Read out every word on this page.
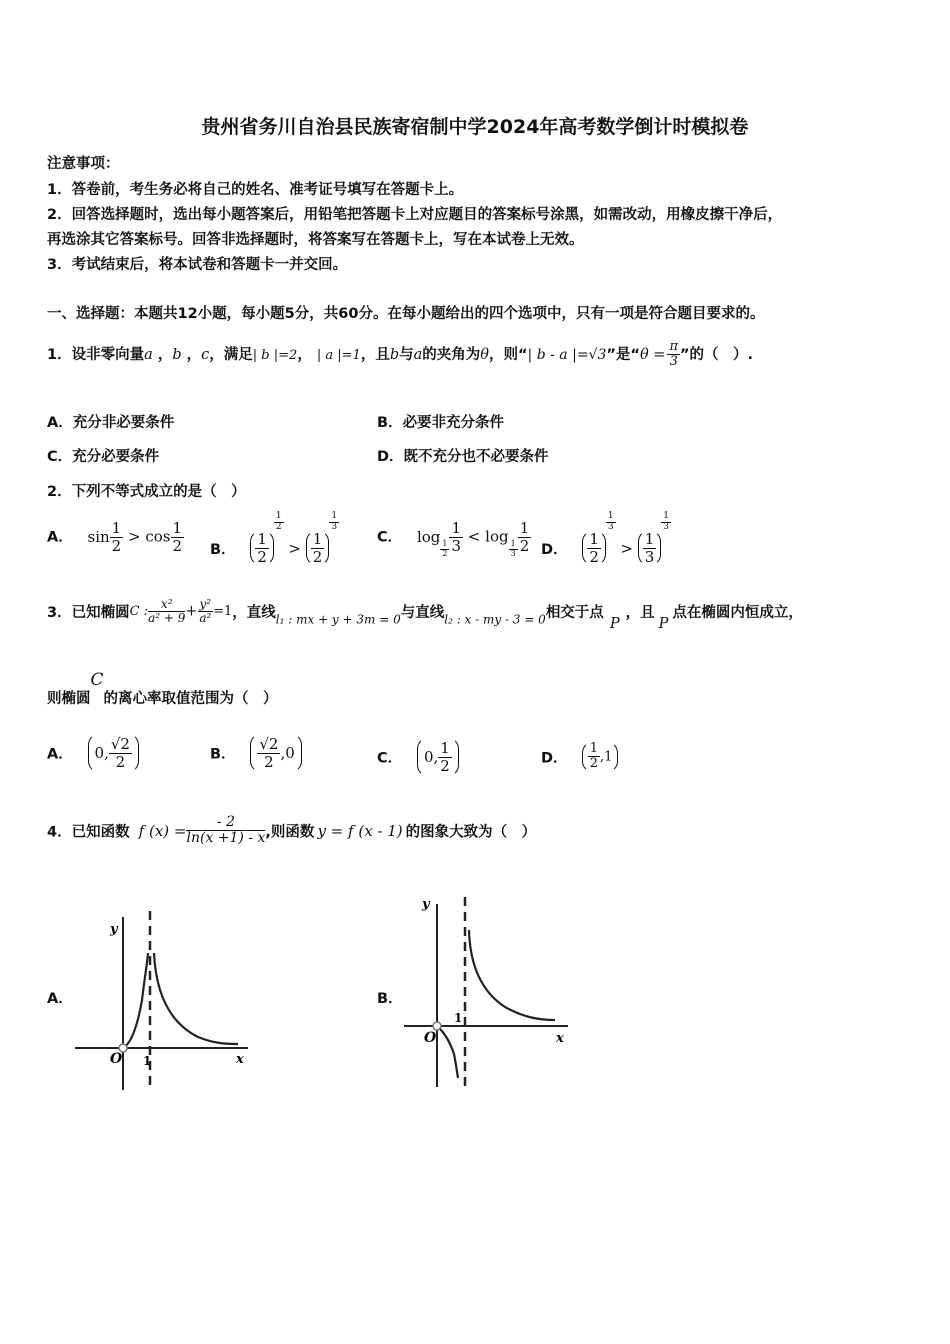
贵州省务川自治县民族寄宿制中学2024年高考数学倒计时模拟卷
注意事项：
1．答卷前，考生务必将自己的姓名、准考证号填写在答题卡上。
2．回答选择题时，选出每小题答案后，用铅笔把答题卡上对应题目的答案标号涂黑，如需改动，用橡皮擦干净后，
再选涂其它答案标号。回答非选择题时，将答案写在答题卡上，写在本试卷上无效。
3．考试结束后，将本试卷和答题卡一并交回。
一、选择题：本题共12小题，每小题5分，共60分。在每小题给出的四个选项中，只有一项是符合题目要求的。
1．设非零向量a ，b ，c，满足| b |=2， | a |=1，且b与a的夹角为θ，则“| b - a |=√3”是“$\theta = \frac{\pi}{3}$ ”的（　）.
A．充分非必要条件	B．必要非充分条件
C．充分必要条件	D．既不充分也不必要条件
2．下列不等式成立的是（　）
A． $\sin \frac{1}{2} > \cos \frac{1}{2}$ B． $\frac{1}{2}$
$^{\frac{1}{2}}$
> $\frac{1}{2}$
$^{\frac{1}{3}}$
C． log
$_{\frac{1}{2}} \frac{1}{3} < \log$
$_{\frac{1}{3}} \frac{1}{2}$ D． $\frac{1}{2}$
$^{\frac{1}{3}}$
> $\frac{1}{3}$
$^{\frac{1}{3}}$
3．已知椭圆C : $\frac{\text{x²}}{\text{a² + 9}} + \frac{\text{y²}}{\text{a²}} =1$，直线$_{l_1 : mx + y + 3m = 0}$与直线$_{l_2 : x - my - 3 = 0}$相交于点P，且P点在椭圆内恒成立，
则椭圆C的离心率取值范围为（　）
A． 0, $\frac{√2}{2}$	B． $\frac{√2}{2} ,0$	C． 0, $\frac{1}{2}$	D． $\frac{1}{2} ,1$
4．已知函数 f $(x) = \frac{- 2}{\ln(x +1) - x}$ ,则函数 y = f (x - 1) 的图象大致为（　）
A．
y
x
O 1
B．
y
x
O
1
